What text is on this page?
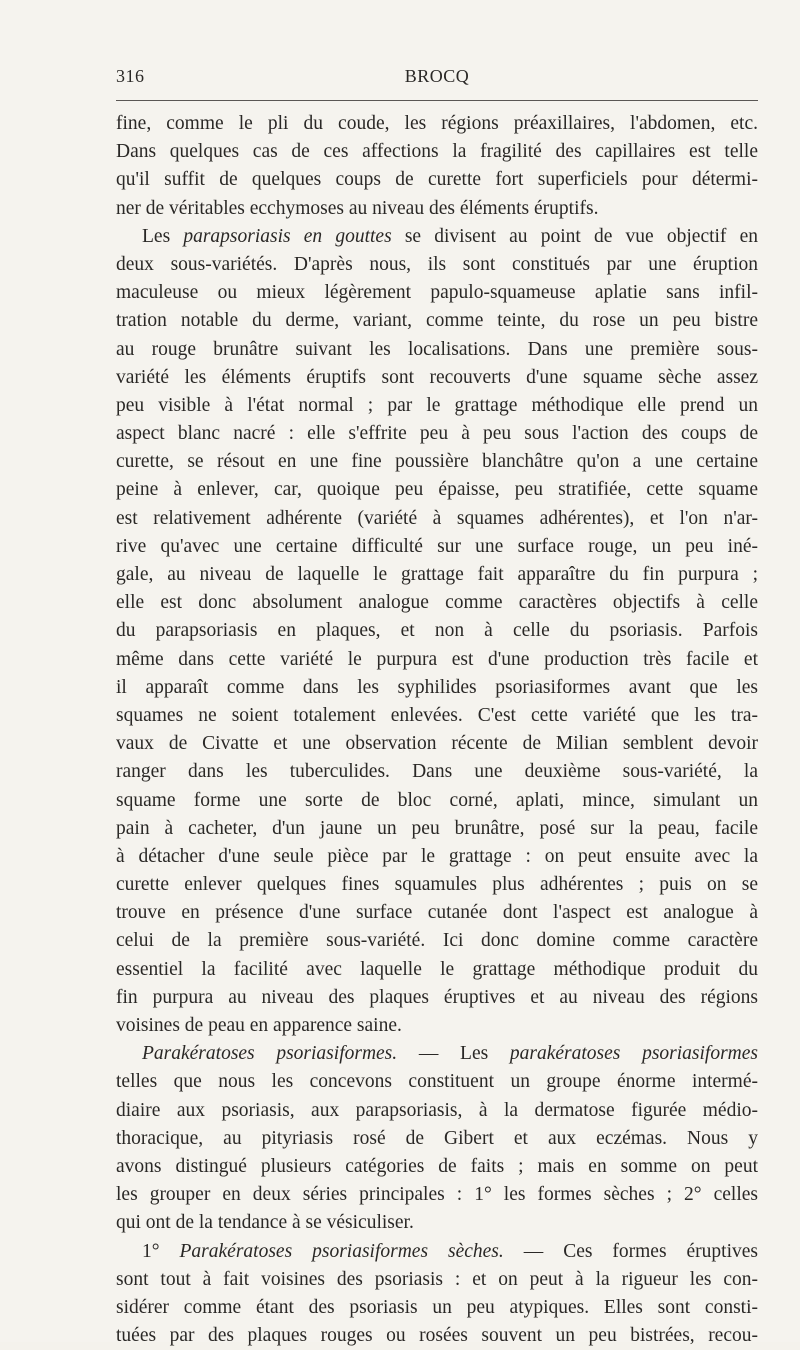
316	BROCQ
fine, comme le pli du coude, les régions préaxillaires, l'abdomen, etc.
Dans quelques cas de ces affections la fragilité des capillaires est telle
qu'il suffit de quelques coups de curette fort superficiels pour détermi-
ner de véritables ecchymoses au niveau des éléments éruptifs.
Les parapsoriasis en gouttes se divisent au point de vue objectif en
deux sous-variétés. D'après nous, ils sont constitués par une éruption
maculeuse ou mieux légèrement papulo-squameuse aplatie sans infil-
tration notable du derme, variant, comme teinte, du rose un peu bistre
au rouge brunâtre suivant les localisations. Dans une première sous-
variété les éléments éruptifs sont recouverts d'une squame sèche assez
peu visible à l'état normal ; par le grattage méthodique elle prend un
aspect blanc nacré : elle s'effrite peu à peu sous l'action des coups de
curette, se résout en une fine poussière blanchâtre qu'on a une certaine
peine à enlever, car, quoique peu épaisse, peu stratifiée, cette squame
est relativement adhérente (variété à squames adhérentes), et l'on n'ar-
rive qu'avec une certaine difficulté sur une surface rouge, un peu iné-
gale, au niveau de laquelle le grattage fait apparaître du fin purpura ;
elle est donc absolument analogue comme caractères objectifs à celle
du parapsoriasis en plaques, et non à celle du psoriasis. Parfois
même dans cette variété le purpura est d'une production très facile et
il apparaît comme dans les syphilides psoriasiformes avant que les
squames ne soient totalement enlevées. C'est cette variété que les tra-
vaux de Civatte et une observation récente de Milian semblent devoir
ranger dans les tuberculides. Dans une deuxième sous-variété, la
squame forme une sorte de bloc corné, aplati, mince, simulant un
pain à cacheter, d'un jaune un peu brunâtre, posé sur la peau, facile
à détacher d'une seule pièce par le grattage : on peut ensuite avec la
curette enlever quelques fines squamules plus adhérentes ; puis on se
trouve en présence d'une surface cutanée dont l'aspect est analogue à
celui de la première sous-variété. Ici donc domine comme caractère
essentiel la facilité avec laquelle le grattage méthodique produit du
fin purpura au niveau des plaques éruptives et au niveau des régions
voisines de peau en apparence saine.
Parakératoses psoriasiformes. — Les parakératoses psoriasiformes
telles que nous les concevons constituent un groupe énorme intermé-
diaire aux psoriasis, aux parapsoriasis, à la dermatose figurée médio-
thoracique, au pityriasis rosé de Gibert et aux eczémas. Nous y
avons distingué plusieurs catégories de faits ; mais en somme on peut
les grouper en deux séries principales : 1° les formes sèches ; 2° celles
qui ont de la tendance à se vésiculiser.
1° Parakératoses psoriasiformes sèches. — Ces formes éruptives
sont tout à fait voisines des psoriasis : et on peut à la rigueur les con-
sidérer comme étant des psoriasis un peu atypiques. Elles sont consti-
tuées par des plaques rouges ou rosées souvent un peu bistrées, recou-
